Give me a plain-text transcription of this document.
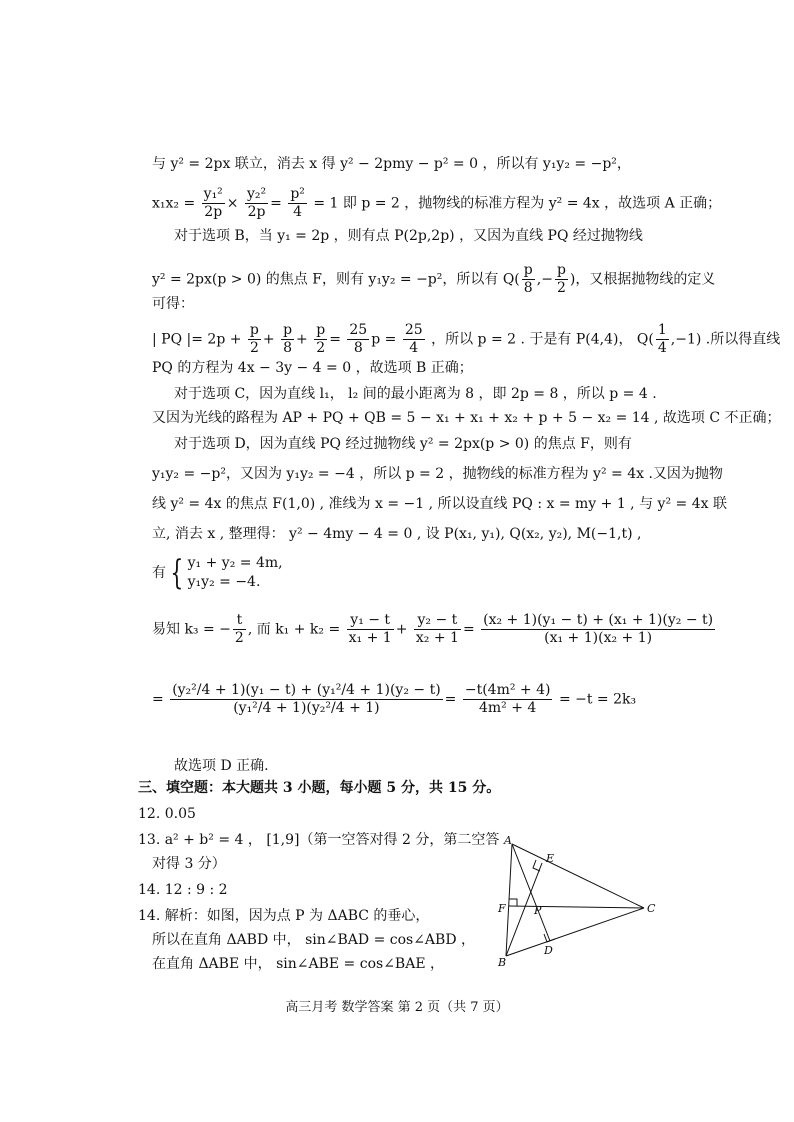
与 y² = 2px 联立，消去 x 得 y² − 2pmy − p² = 0 ，所以有 y₁y₂ = −p²，
$x_1x_2 = \frac{\text{y₁²}}{2p} \times \frac{\text{y₂²}}{2p} = \frac{\text{p²}}{4} = 1$ 即 p = 2 ，抛物线的标准方程为 y² = 4x ，故选项 A 正确；
对于选项 B，当 y₁ = 2p ，则有点 P(2p,2p) ，又因为直线 PQ 经过抛物线
y² = 2px(p > 0) 的焦点 F，则有 y₁y₂ = −p²，所以有 $Q( \frac{p}{8}$ ,− $\frac{p}{2}$ )，又根据抛物线的定义
可得：
| PQ |= $2p + \frac{p}{2} + \frac{p}{8} + \frac{p}{2} = \frac{25}{8}$ $p = \frac{25}{4}$ ，所以 p = 2 . 于是有 P(4,4)， $Q( \frac{1}{4} ,-1)$ .所以得直线
PQ 的方程为 4x − 3y − 4 = 0 ，故选项 B 正确；
对于选项 C，因为直线 l₁， l₂ 间的最小距离为 8 ，即 2p = 8 ，所以 p = 4 .
又因为光线的路程为 AP + PQ + QB = 5 − x₁ + x₁ + x₂ + p + 5 − x₂ = 14 , 故选项 C 不正确；
对于选项 D，因为直线 PQ 经过抛物线 y² = 2px(p > 0) 的焦点 F，则有
y₁y₂ = −p²，又因为 y₁y₂ = −4 ，所以 p = 2 ，抛物线的标准方程为 y² = 4x .又因为抛物
线 y² = 4x 的焦点 F(1,0) , 准线为 x = −1 , 所以设直线 PQ : x = my + 1 , 与 y² = 4x 联
立, 消去 x , 整理得： y² − 4my − 4 = 0 , 设 P(x₁, y₁), Q(x₂, y₂), M(−1,t) ,
有 { y₁ + y₂ = 4m,
y₁y₂ = −4.
易知 k₃ = − $\frac{t}{2}$ , 而 $k_1 + k_2 = \frac{\text{y₁ − t}}{\text{x₁ + 1}} + \frac{\text{y₂ − t}}{\text{x₂ + 1}} = \frac{\text{(x₂ + 1)(y₁ − t) + (x₁ + 1)(y₂ − t)}}{\text{(x₁ + 1)(x₂ + 1)}}$
= $\frac{\text{(y₂²/4 + 1)(y₁ − t) + (y₁²/4 + 1)(y₂ − t)}}{\text{(y₁²/4 + 1)(y₂²/4 + 1)}} = \frac{\text{−t(4m² + 4)}}{\text{4m² + 4}} = -t = 2k_3$
故选项 D 正确.
三、填空题：本大题共 3 小题，每小题 5 分，共 15 分。
12. 0.05
13. a² + b² = 4 ， [1,9]（第一空答对得 2 分，第二空答
对得 3 分）
14. 12 : 9 : 2
14. 解析：如图，因为点 P 为 ΔABC 的垂心，
所以在直角 ΔABD 中， sin∠BAD = cos∠ABD ，
在直角 ΔABE 中， sin∠ABE = cos∠BAE ，
A
E
F	P	C
D
B
高三月考 数学答案 第 2 页（共 7 页）
